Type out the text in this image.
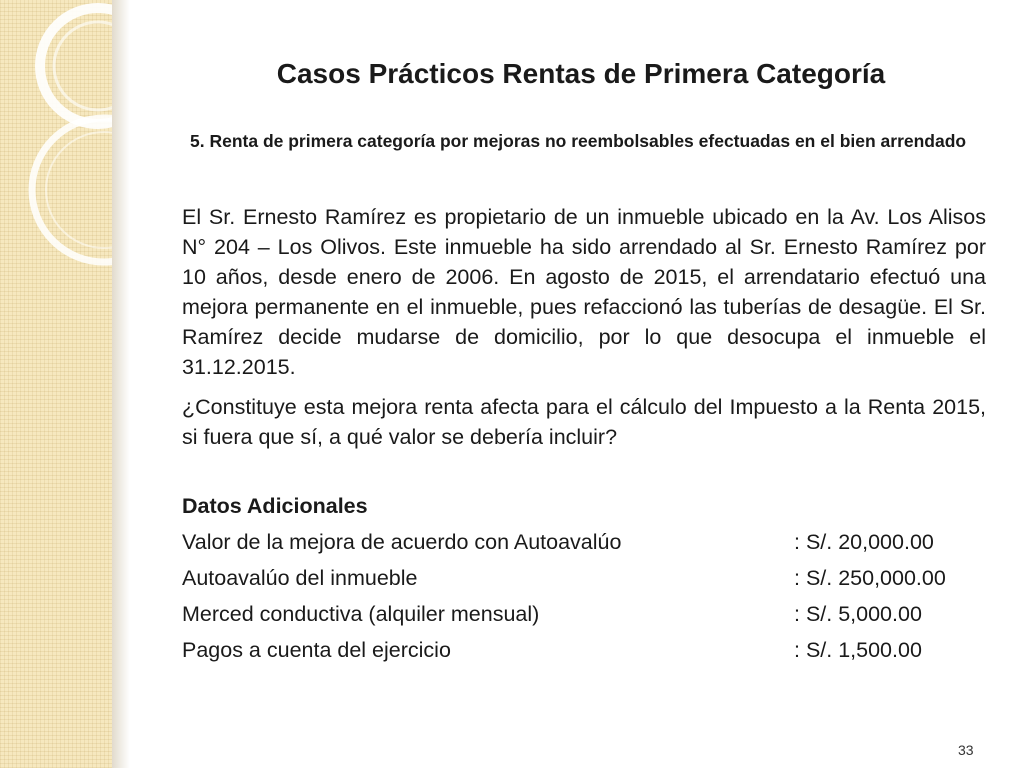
Casos Prácticos Rentas de Primera Categoría
5. Renta de primera categoría por mejoras no reembolsables efectuadas en el bien arrendado
El Sr. Ernesto Ramírez es propietario de un inmueble ubicado en la Av. Los Alisos N° 204 – Los Olivos. Este inmueble ha sido arrendado al Sr. Ernesto Ramírez por 10 años, desde enero de 2006. En agosto de 2015, el arrendatario efectuó una mejora permanente en el inmueble, pues refaccionó las tuberías de desagüe. El Sr. Ramírez decide mudarse de domicilio, por lo que desocupa el inmueble el 31.12.2015.
¿Constituye esta mejora renta afecta para el cálculo del Impuesto a la Renta 2015, si fuera que sí, a qué valor se debería incluir?
Datos Adicionales
Valor de la mejora de acuerdo con Autoavalúo	: S/. 20,000.00
Autoavalúo del inmueble	: S/. 250,000.00
Merced conductiva (alquiler mensual)	: S/. 5,000.00
Pagos a cuenta del ejercicio	: S/. 1,500.00
33
